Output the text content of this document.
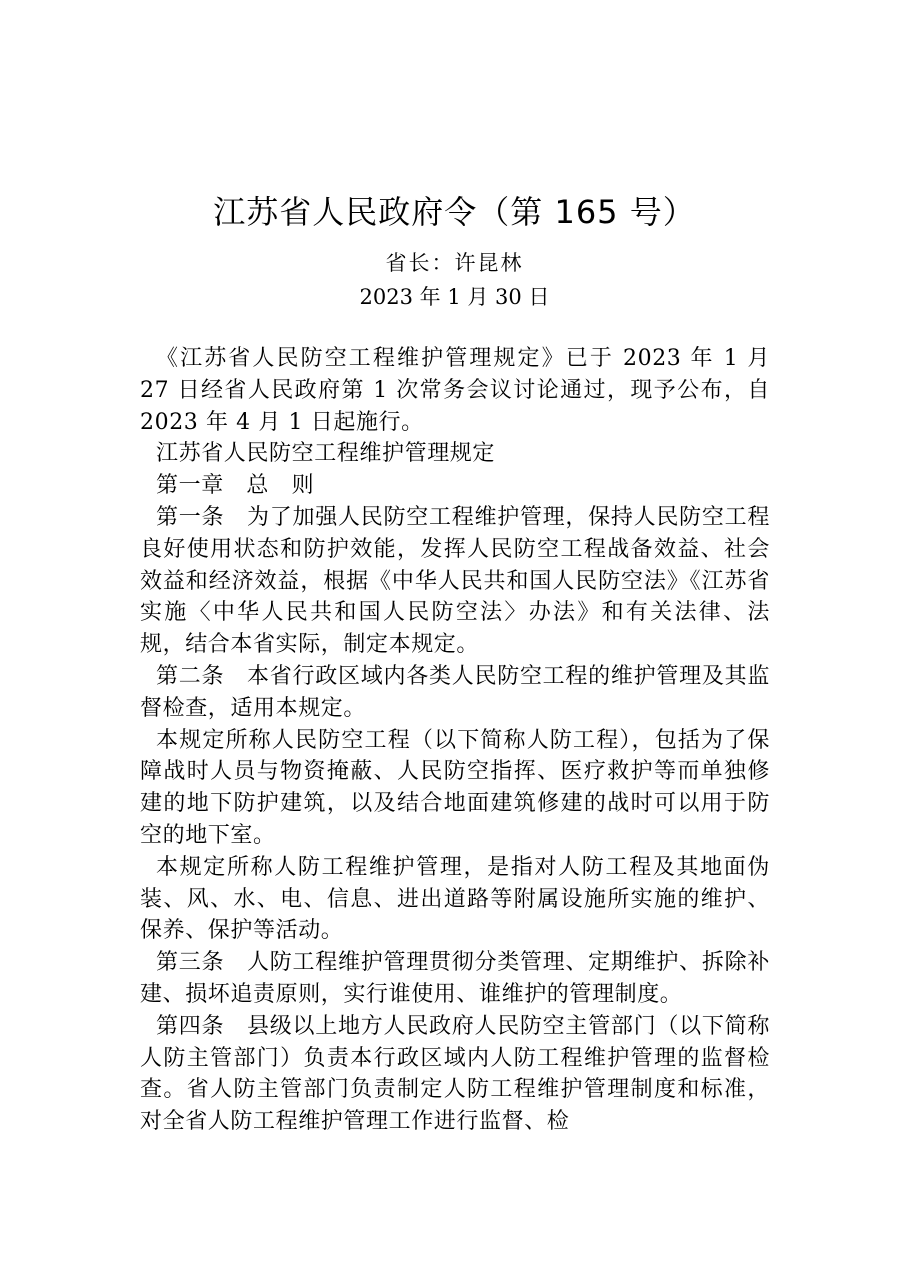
江苏省人民政府令（第 165 号）
省长：许昆林
2023 年 1 月 30 日

《江苏省人民防空工程维护管理规定》已于 2023 年 1 月 27 日经省人民政府第 1 次常务会议讨论通过，现予公布，自 2023 年 4 月 1 日起施行。

江苏省人民防空工程维护管理规定

第一章　总　则

第一条　为了加强人民防空工程维护管理，保持人民防空工程良好使用状态和防护效能，发挥人民防空工程战备效益、社会效益和经济效益，根据《中华人民共和国人民防空法》《江苏省实施〈中华人民共和国人民防空法〉办法》和有关法律、法规，结合本省实际，制定本规定。

第二条　本省行政区域内各类人民防空工程的维护管理及其监督检查，适用本规定。

本规定所称人民防空工程（以下简称人防工程），包括为了保障战时人员与物资掩蔽、人民防空指挥、医疗救护等而单独修建的地下防护建筑，以及结合地面建筑修建的战时可以用于防空的地下室。

本规定所称人防工程维护管理，是指对人防工程及其地面伪装、风、水、电、信息、进出道路等附属设施所实施的维护、保养、保护等活动。

第三条　人防工程维护管理贯彻分类管理、定期维护、拆除补建、损坏追责原则，实行谁使用、谁维护的管理制度。

第四条　县级以上地方人民政府人民防空主管部门（以下简称人防主管部门）负责本行政区域内人防工程维护管理的监督检查。省人防主管部门负责制定人防工程维护管理制度和标准，对全省人防工程维护管理工作进行监督、检
